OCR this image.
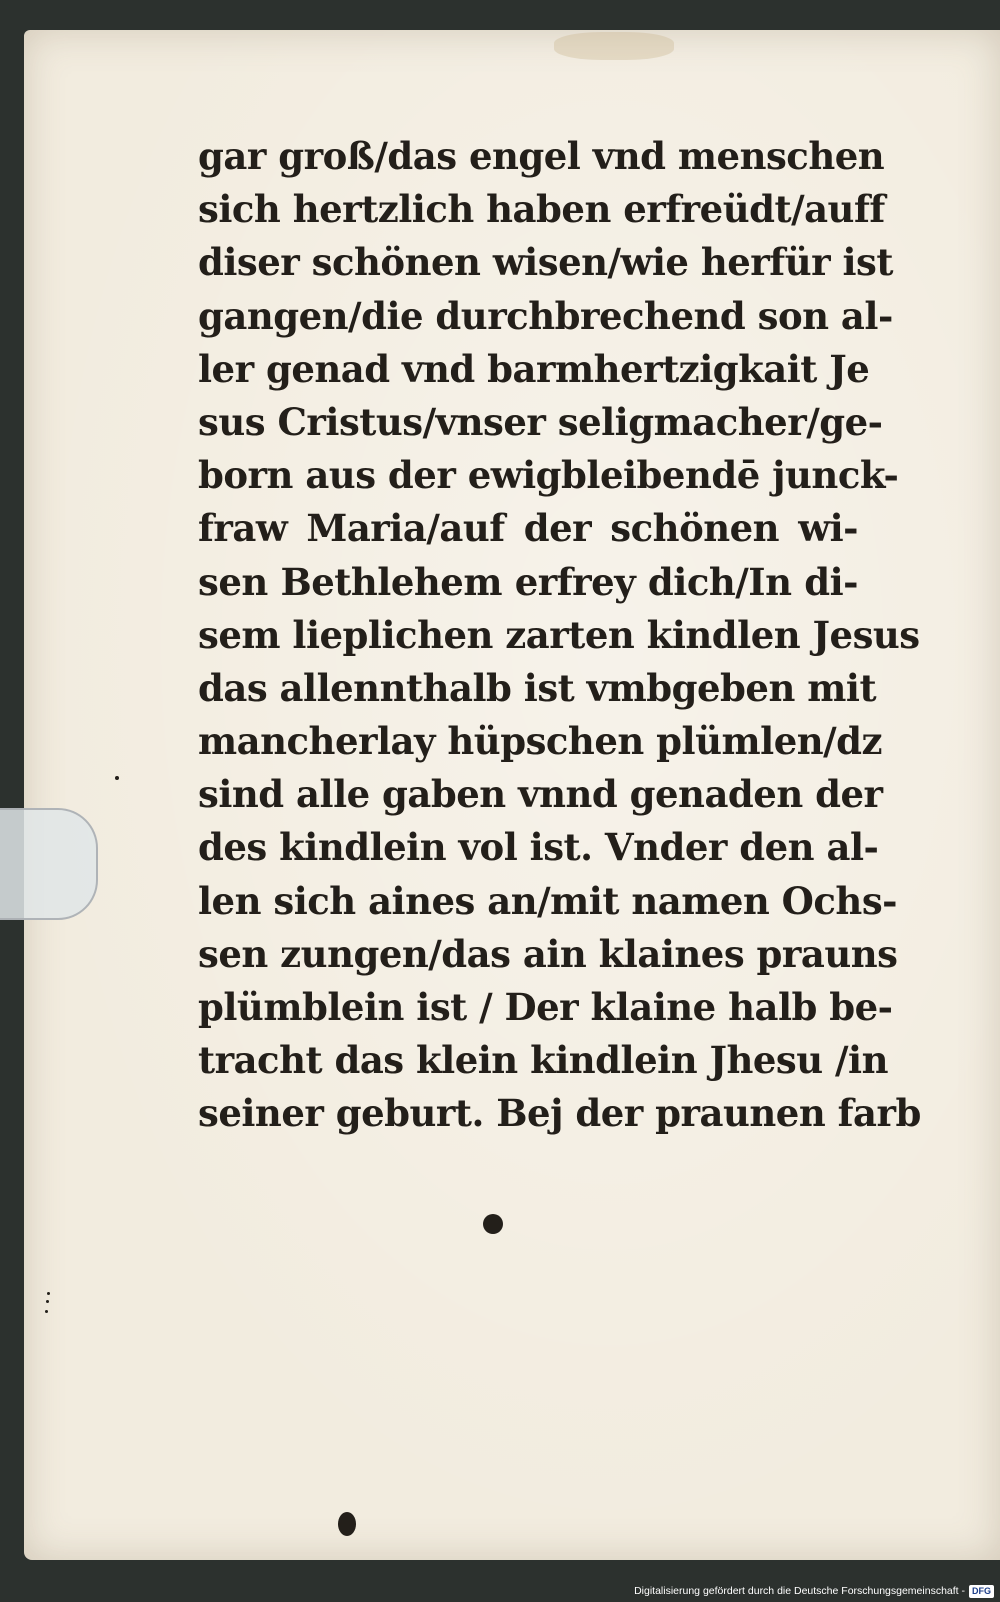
gar groß/das engel vnd menschen
sich hertzlich haben erfreüdt/auff
diser schönen wisen/wie herfür ist
gangen/die durchbrechend son al-
ler genad vnd barmhertzigkait Je
sus Cristus/vnser seligmacher/ge-
born aus der ewigbleibendē junck-
fraw Maria/auf der schönen wi-
sen Bethlehem erfrey dich/In di-
sem lieplichen zarten kindlen Jesus
das allennthalb ist vmbgeben mit
mancherlay hüpschen plümlen/dz
sind alle gaben vnnd genaden der
des kindlein vol ist. Vnder den al-
len sich aines an/mit namen Ochs-
sen zungen/das ain klaines prauns
plümblein ist / Der klaine halb be-
tracht das klein kindlein Jhesu /in
seiner geburt. Bej der praunen farb
Digitalisierung gefördert durch die Deutsche Forschungsgemeinschaft - DFG
